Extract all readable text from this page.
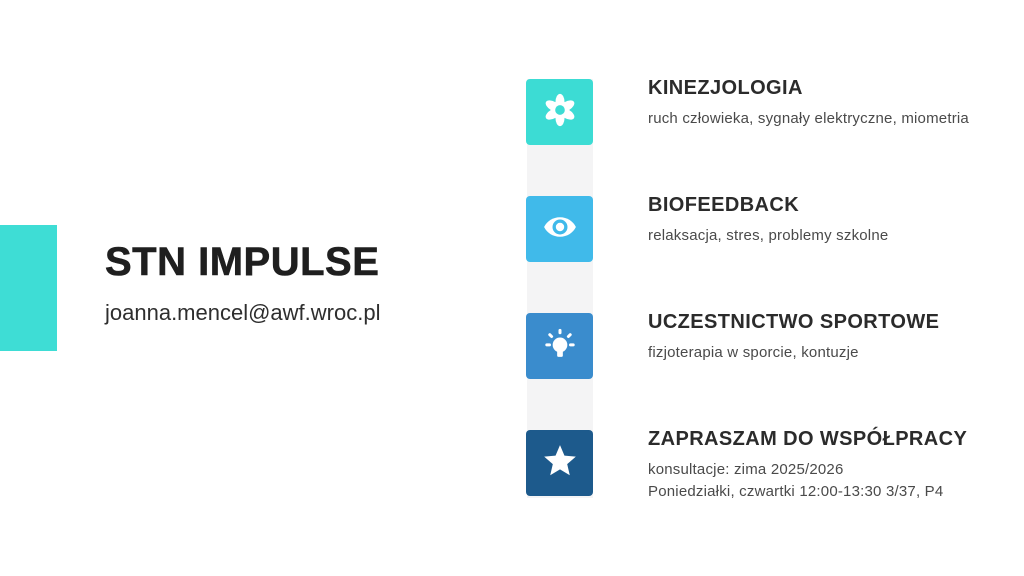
STN IMPULSE
joanna.mencel@awf.wroc.pl
KINEZJOLOGIA
ruch człowieka, sygnały elektryczne, miometria
BIOFEEDBACK
relaksacja, stres, problemy szkolne
UCZESTNICTWO SPORTOWE
fizjoterapia w sporcie, kontuzje
ZAPRASZAM DO WSPÓŁPRACY
konsultacje: zima 2025/2026
Poniedziałki, czwartki 12:00-13:30 3/37, P4
